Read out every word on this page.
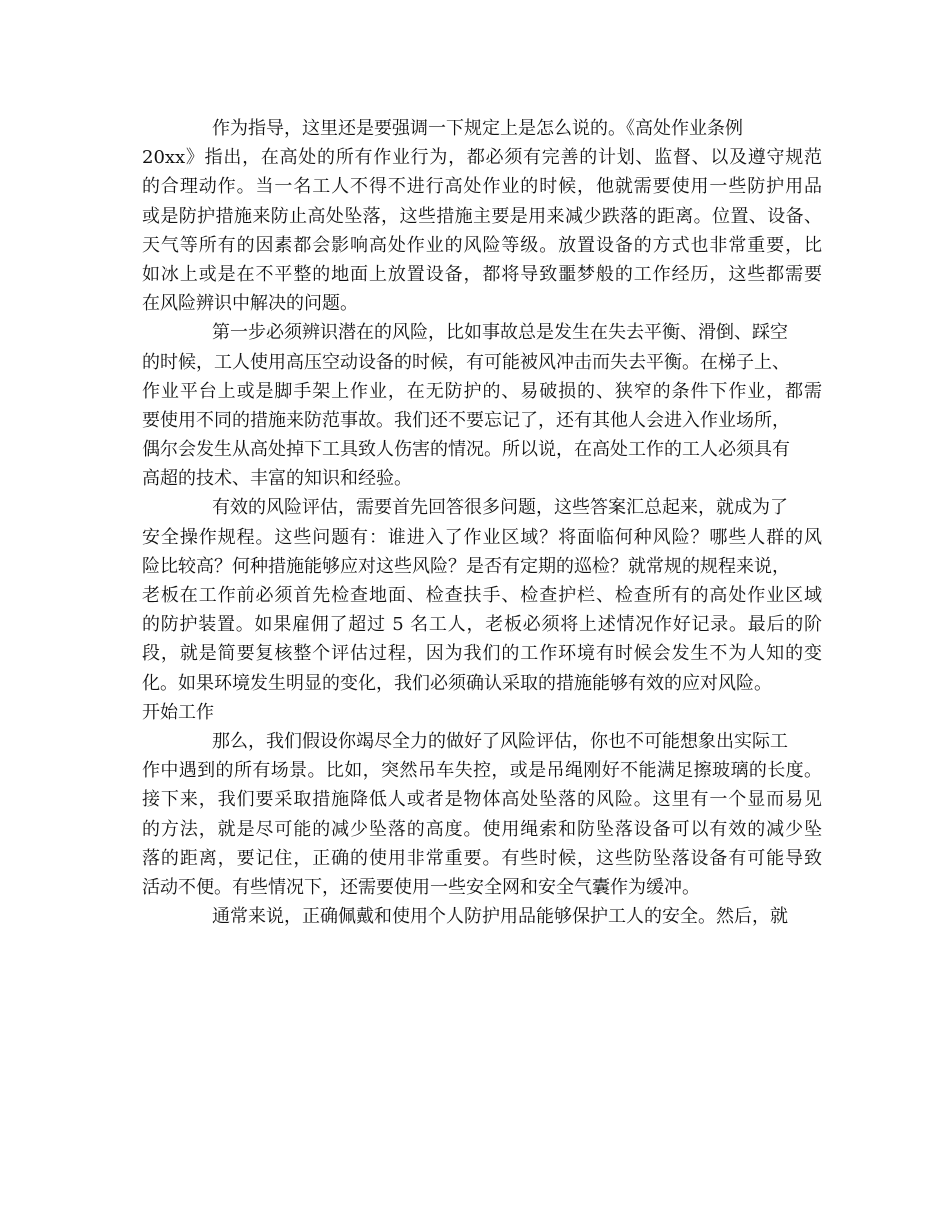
作为指导，这里还是要强调一下规定上是怎么说的。《高处作业条例
20xx》指出，在高处的所有作业行为，都必须有完善的计划、监督、以及遵守规范
的合理动作。当一名工人不得不进行高处作业的时候，他就需要使用一些防护用品
或是防护措施来防止高处坠落，这些措施主要是用来减少跌落的距离。位置、设备、
天气等所有的因素都会影响高处作业的风险等级。放置设备的方式也非常重要，比
如冰上或是在不平整的地面上放置设备，都将导致噩梦般的工作经历，这些都需要
在风险辨识中解决的问题。
第一步必须辨识潜在的风险，比如事故总是发生在失去平衡、滑倒、踩空
的时候，工人使用高压空动设备的时候，有可能被风冲击而失去平衡。在梯子上、
作业平台上或是脚手架上作业，在无防护的、易破损的、狭窄的条件下作业，都需
要使用不同的措施来防范事故。我们还不要忘记了，还有其他人会进入作业场所，
偶尔会发生从高处掉下工具致人伤害的情况。所以说，在高处工作的工人必须具有
高超的技术、丰富的知识和经验。
有效的风险评估，需要首先回答很多问题，这些答案汇总起来，就成为了
安全操作规程。这些问题有：谁进入了作业区域？将面临何种风险？哪些人群的风
险比较高？何种措施能够应对这些风险？是否有定期的巡检？就常规的规程来说，
老板在工作前必须首先检查地面、检查扶手、检查护栏、检查所有的高处作业区域
的防护装置。如果雇佣了超过 5 名工人，老板必须将上述情况作好记录。最后的阶
段，就是简要复核整个评估过程，因为我们的工作环境有时候会发生不为人知的变
化。如果环境发生明显的变化，我们必须确认采取的措施能够有效的应对风险。
开始工作
那么，我们假设你竭尽全力的做好了风险评估，你也不可能想象出实际工
作中遇到的所有场景。比如，突然吊车失控，或是吊绳刚好不能满足擦玻璃的长度。
接下来，我们要采取措施降低人或者是物体高处坠落的风险。这里有一个显而易见
的方法，就是尽可能的减少坠落的高度。使用绳索和防坠落设备可以有效的减少坠
落的距离，要记住，正确的使用非常重要。有些时候，这些防坠落设备有可能导致
活动不便。有些情况下，还需要使用一些安全网和安全气囊作为缓冲。
通常来说，正确佩戴和使用个人防护用品能够保护工人的安全。然后，就
